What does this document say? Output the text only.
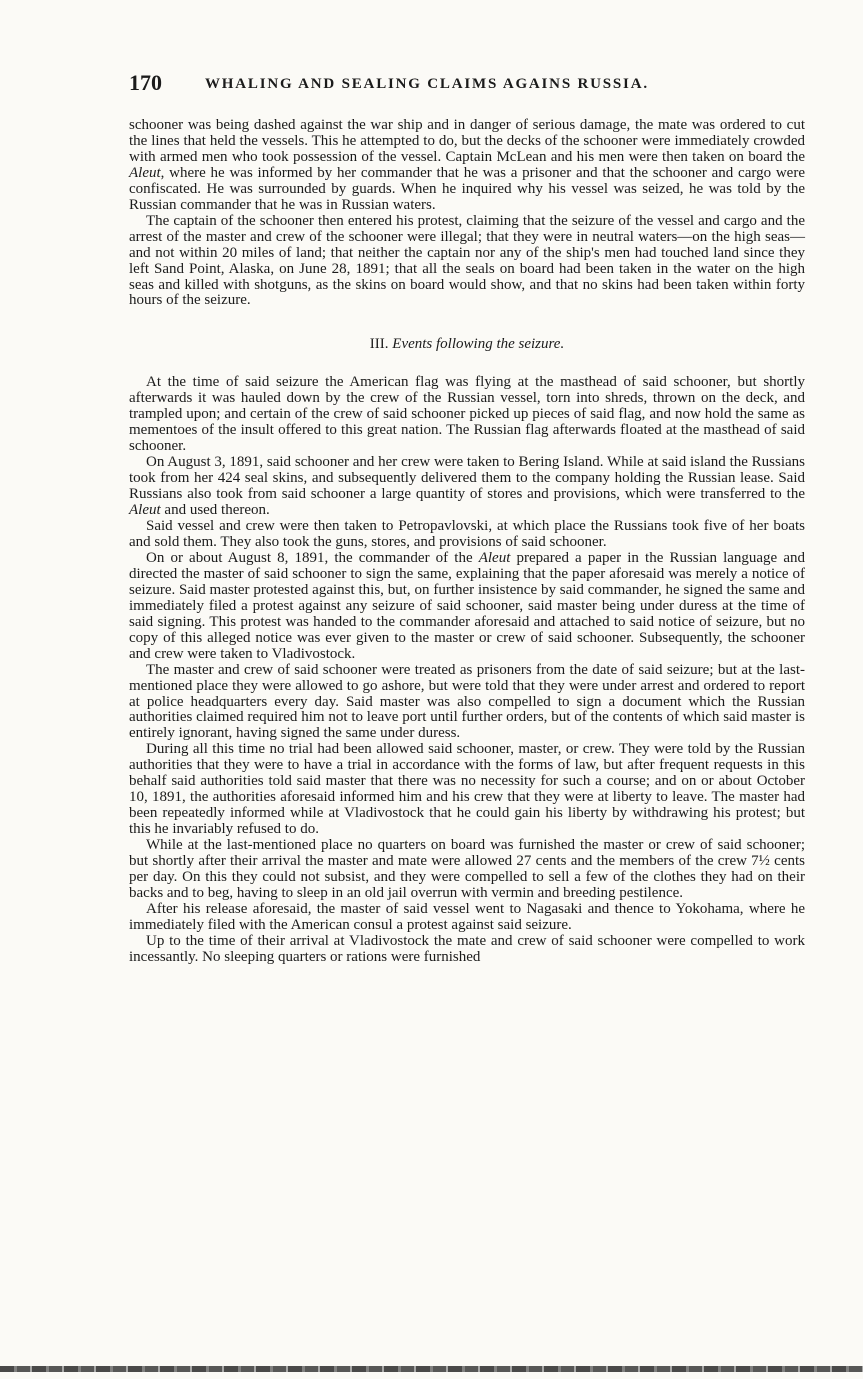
170	WHALING AND SEALING CLAIMS AGAINS RUSSIA.

schooner was being dashed against the war ship and in danger of serious damage, the mate was ordered to cut the lines that held the vessels. This he attempted to do, but the decks of the schooner were immediately crowded with armed men who took possession of the vessel. Captain McLean and his men were then taken on board the Aleut, where he was informed by her commander that he was a prisoner and that the schooner and cargo were confiscated. He was surrounded by guards. When he inquired why his vessel was seized, he was told by the Russian commander that he was in Russian waters.

The captain of the schooner then entered his protest, claiming that the seizure of the vessel and cargo and the arrest of the master and crew of the schooner were illegal; that they were in neutral waters—on the high seas—and not within 20 miles of land; that neither the captain nor any of the ship's men had touched land since they left Sand Point, Alaska, on June 28, 1891; that all the seals on board had been taken in the water on the high seas and killed with shotguns, as the skins on board would show, and that no skins had been taken within forty hours of the seizure.

III. Events following the seizure.

At the time of said seizure the American flag was flying at the masthead of said schooner, but shortly afterwards it was hauled down by the crew of the Russian vessel, torn into shreds, thrown on the deck, and trampled upon; and certain of the crew of said schooner picked up pieces of said flag, and now hold the same as mementoes of the insult offered to this great nation. The Russian flag afterwards floated at the masthead of said schooner.

On August 3, 1891, said schooner and her crew were taken to Bering Island. While at said island the Russians took from her 424 seal skins, and subsequently delivered them to the company holding the Russian lease. Said Russians also took from said schooner a large quantity of stores and provisions, which were transferred to the Aleut and used thereon.

Said vessel and crew were then taken to Petropavlovski, at which place the Russians took five of her boats and sold them. They also took the guns, stores, and provisions of said schooner.

On or about August 8, 1891, the commander of the Aleut prepared a paper in the Russian language and directed the master of said schooner to sign the same, explaining that the paper aforesaid was merely a notice of seizure. Said master protested against this, but, on further insistence by said commander, he signed the same and immediately filed a protest against any seizure of said schooner, said master being under duress at the time of said signing. This protest was handed to the commander aforesaid and attached to said notice of seizure, but no copy of this alleged notice was ever given to the master or crew of said schooner. Subsequently, the schooner and crew were taken to Vladivostock.

The master and crew of said schooner were treated as prisoners from the date of said seizure; but at the last-mentioned place they were allowed to go ashore, but were told that they were under arrest and ordered to report at police headquarters every day. Said master was also compelled to sign a document which the Russian authorities claimed required him not to leave port until further orders, but of the contents of which said master is entirely ignorant, having signed the same under duress.

During all this time no trial had been allowed said schooner, master, or crew. They were told by the Russian authorities that they were to have a trial in accordance with the forms of law, but after frequent requests in this behalf said authorities told said master that there was no necessity for such a course; and on or about October 10, 1891, the authorities aforesaid informed him and his crew that they were at liberty to leave. The master had been repeatedly informed while at Vladivostock that he could gain his liberty by withdrawing his protest; but this he invariably refused to do.

While at the last-mentioned place no quarters on board was furnished the master or crew of said schooner; but shortly after their arrival the master and mate were allowed 27 cents and the members of the crew 7½ cents per day. On this they could not subsist, and they were compelled to sell a few of the clothes they had on their backs and to beg, having to sleep in an old jail overrun with vermin and breeding pestilence.

After his release aforesaid, the master of said vessel went to Nagasaki and thence to Yokohama, where he immediately filed with the American consul a protest against said seizure.

Up to the time of their arrival at Vladivostock the mate and crew of said schooner were compelled to work incessantly. No sleeping quarters or rations were furnished
